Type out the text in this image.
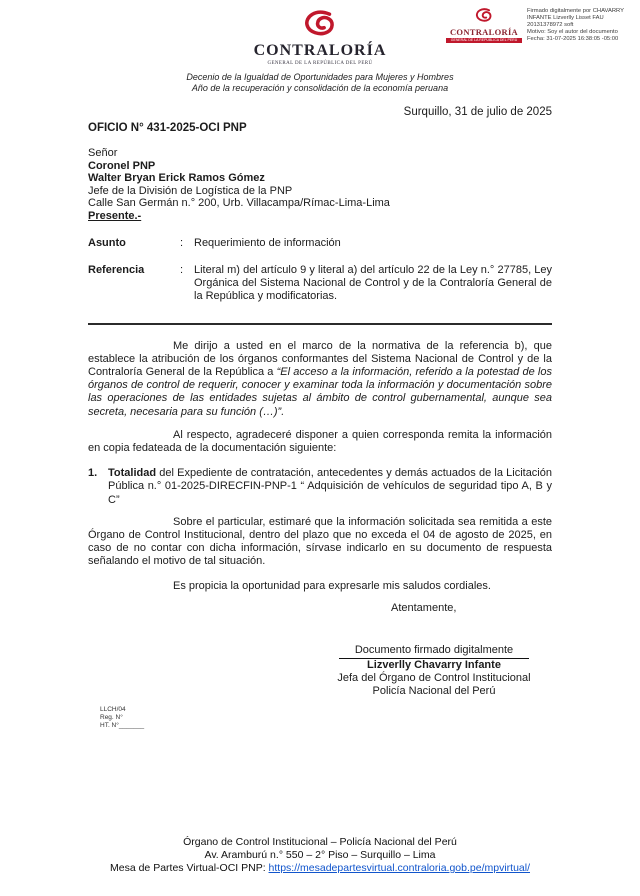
CONTRALORÍA
GENERAL DE LA REPÚBLICA DEL PERÚ
CONTRALORÍA
GENERAL DE LA REPÚBLICA DEL PERÚ
Firmado digitalmente por CHAVARRY
INFANTE Lizverlly Lisset FAU
20131378972 soft
Motivo: Soy el autor del documento
Fecha: 31-07-2025 16:38:05 -05:00
Decenio de la Igualdad de Oportunidades para Mujeres y Hombres
Año de la recuperación y consolidación de la economía peruana
Surquillo, 31 de julio de 2025
OFICIO N° 431-2025-OCI PNP
Señor
Coronel PNP
Walter Bryan Erick Ramos Gómez
Jefe de la División de Logística de la PNP
Calle San Germán n.° 200, Urb. Villacampa/Rímac-Lima-Lima
Presente.-
Asunto	: Requerimiento de información
Referencia	: Literal m) del artículo 9 y literal a) del artículo 22 de la Ley n.° 27785, Ley Orgánica del Sistema Nacional de Control y de la Contraloría General de la República y modificatorias.

Me dirijo a usted en el marco de la normativa de la referencia b), que establece la atribución de los órganos conformantes del Sistema Nacional de Control y de la Contraloría General de la República a “El acceso a la información, referido a la potestad de los órganos de control de requerir, conocer y examinar toda la información y documentación sobre las operaciones de las entidades sujetas al ámbito de control gubernamental, aunque sea secreta, necesaria para su función (…)”.

Al respecto, agradeceré disponer a quien corresponda remita la información en copia fedateada de la documentación siguiente:

1. Totalidad del Expediente de contratación, antecedentes y demás actuados de la Licitación Pública n.° 01-2025-DIRECFIN-PNP-1 “ Adquisición de vehículos de seguridad tipo A, B y C”

Sobre el particular, estimaré que la información solicitada sea remitida a este Órgano de Control Institucional, dentro del plazo que no exceda el 04 de agosto de 2025, en caso de no contar con dicha información, sírvase indicarlo en su documento de respuesta señalando el motivo de tal situación.

Es propicia la oportunidad para expresarle mis saludos cordiales.

Atentamente,
Documento firmado digitalmente
Lizverlly Chavarry Infante
Jefa del Órgano de Control Institucional
Policía Nacional del Perú
LLCH/04
Reg. N°
HT. N°_______
Órgano de Control Institucional – Policía Nacional del Perú
Av. Aramburú n.° 550 – 2° Piso – Surquillo – Lima
Mesa de Partes Virtual-OCI PNP: https://mesadepartesvirtual.contraloria.gob.pe/mpvirtual/
